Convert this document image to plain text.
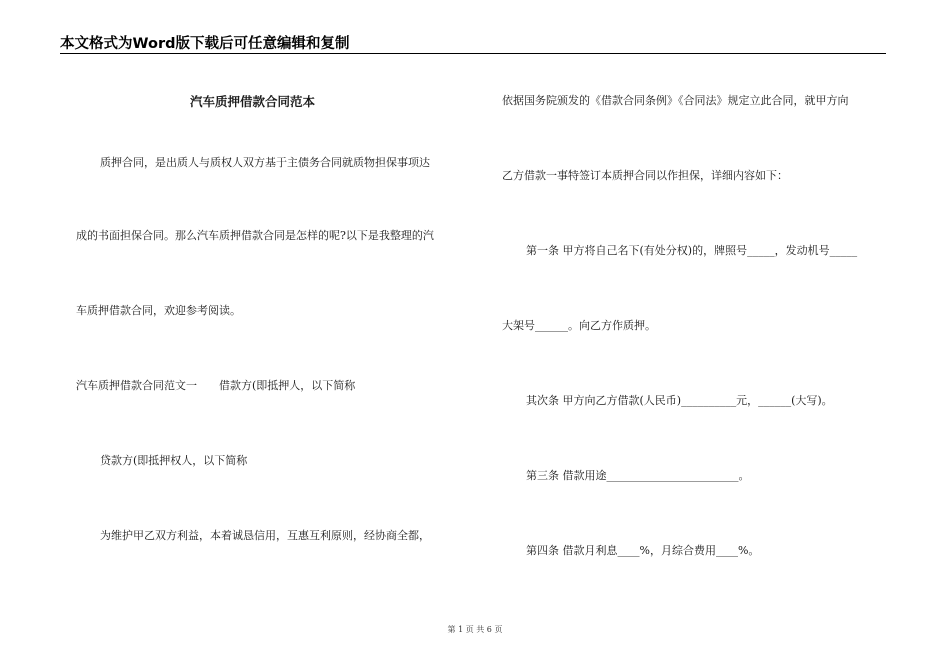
本文格式为Word版下载后可任意编辑和复制
汽车质押借款合同范本
质押合同，是出质人与质权人双方基于主债务合同就质物担保事项达
成的书面担保合同。那么汽车质押借款合同是怎样的呢?以下是我整理的汽
车质押借款合同，欢迎参考阅读。
汽车质押借款合同范文一　　借款方(即抵押人，以下简称
贷款方(即抵押权人，以下简称
为维护甲乙双方利益，本着诚恳信用，互惠互利原则，经协商全都，
依据国务院颁发的《借款合同条例》《合同法》规定立此合同，就甲方向
乙方借款一事特签订本质押合同以作担保，详细内容如下：
第一条 甲方将自己名下(有处分权)的，牌照号_____，发动机号_____
大架号______。向乙方作质押。
其次条 甲方向乙方借款(人民币)__________元，______(大写)。
第三条 借款用途________________________。
第四条 借款月利息____%，月综合费用____%。
第 1 页 共 6 页
